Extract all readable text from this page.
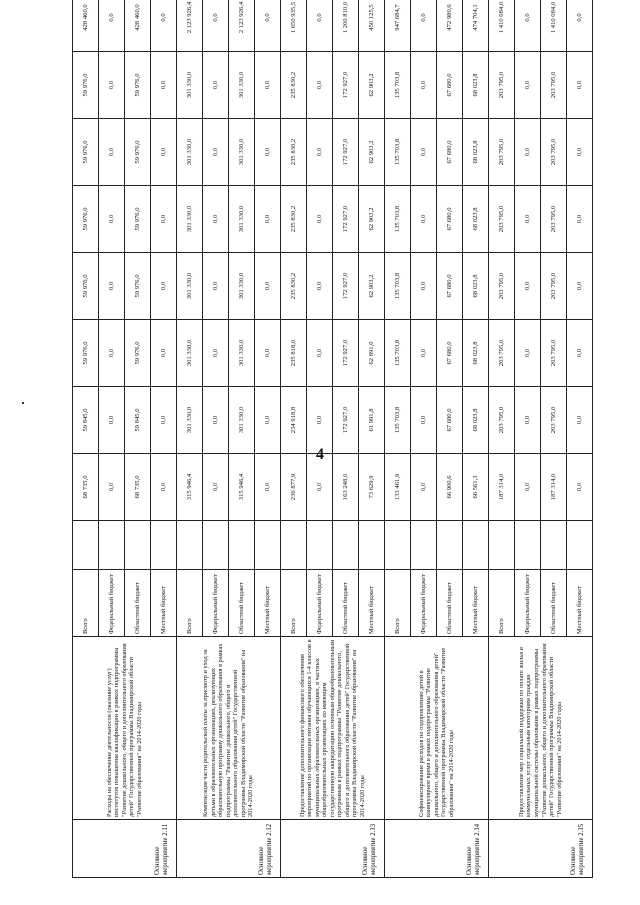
4
Основное мероприятие 2.11	Расходы на обеспечение деятельности (оказание услуг) институтов повышения квалификации в рамках подпрограммы "Развитие дошкольного, общего и дополнительного образования детей" Государственной программы Владимирской области "Развитие образования" на 2014-2020 годы	Всего		68 735,0	59 845,0	59 976,0	59 976,0	59 976,0	59 976,0	59 976,0	428 460,0
		Федеральный бюджет		0,0	0,0	0,0	0,0	0,0	0,0	0,0	0,0
		Областной бюджет		68 735,0	59 845,0	59 976,0	59 976,0	59 976,0	59 976,0	59 976,0	428 460,0
		Местный бюджет		0,0	0,0	0,0	0,0	0,0	0,0	0,0	0,0
Основное мероприятие 2.12	Компенсация части родительской платы за присмотр и уход за детьми в образовательных организациях, реализующих образовательную программу дошкольного образования в рамках подпрограммы "Развитие дошкольного, общего и дополнительного образования детей" Государственной программы Владимирской области "Развитие образования" на 2014-2020 годы	Всего		315 946,4	301 330,0	301 330,0	301 330,0	301 330,0	301 330,0	301 330,0	2 123 926,4
		Федеральный бюджет		0,0	0,0	0,0	0,0	0,0	0,0	0,0	0,0
		Областной бюджет		315 946,4	301 330,0	301 330,0	301 330,0	301 330,0	301 330,0	301 330,0	2 123 926,4
		Местный бюджет		0,0	0,0	0,0	0,0	0,0	0,0	0,0	0,0
Основное мероприятие 2.13	Предоставление дополнительного финансового обеспечения мероприятий по организации питания обучающихся 1-4 классов в муниципальных образовательных организациях, в частных общеобразовательных организациях по имеющим государственную аккредитацию основным общеобразовательным программам в рамках подпрограммы "Развитие дошкольного, общего и дополнительного образования детей" Государственной программы Владимирской области "Развитие образования" на 2014-2020 годы	Всего		236 877,9	234 918,8	235 818,0	235 830,2	235 830,2	235 830,2	235 830,2	1 650 935,5
		Федеральный бюджет		0,0	0,0	0,0	0,0	0,0	0,0	0,0	0,0
		Областной бюджет		163 248,0	172 927,0	172 927,0	172 927,0	172 927,0	172 927,0	172 927,0	1 200 810,0
		Местный бюджет		73 629,9	61 991,8	62 891,0	62 903,2	62 903,2	62 903,2	62 903,2	450 125,5
Основное мероприятие 2.14	Софинансирование расходов по оздоровлению детей в каникулярное время в рамках подпрограммы "Развитие дошкольного, общего и дополнительного образования детей" Государственной программы Владимирской области "Развитие образования" на 2014-2020 годы	Всего		133 461,9	135 703,8	135 703,8	135 703,8	135 703,8	135 703,8	135 703,8	947 684,7
		Федеральный бюджет		0,0	0,0	0,0	0,0	0,0	0,0	0,0	0,0
		Областной бюджет		66 900,6	67 680,0	67 680,0	67 680,0	67 680,0	67 680,0	67 680,0	472 980,6
		Местный бюджет		66 561,3	68 023,8	68 023,8	68 023,8	68 023,8	68 023,8	68 023,8	474 704,1
Основное мероприятие 2.15	Предоставление мер социальной поддержки по оплате жилья и коммунальных услуг отдельным категориям граждан муниципальной системы образования в рамках подпрограммы "Развитие дошкольного, общего и дополнительного образования детей" Государственной программы Владимирской области "Развитие образования" на 2014-2020 годы	Всего		187 314,0	203 795,0	203 795,0	203 795,0	203 795,0	203 795,0	203 795,0	1 410 084,0
		Федеральный бюджет		0,0	0,0	0,0	0,0	0,0	0,0	0,0	0,0
		Областной бюджет		187 314,0	203 795,0	203 795,0	203 795,0	203 795,0	203 795,0	203 795,0	1 410 084,0
		Местный бюджет		0,0	0,0	0,0	0,0	0,0	0,0	0,0	0,0
